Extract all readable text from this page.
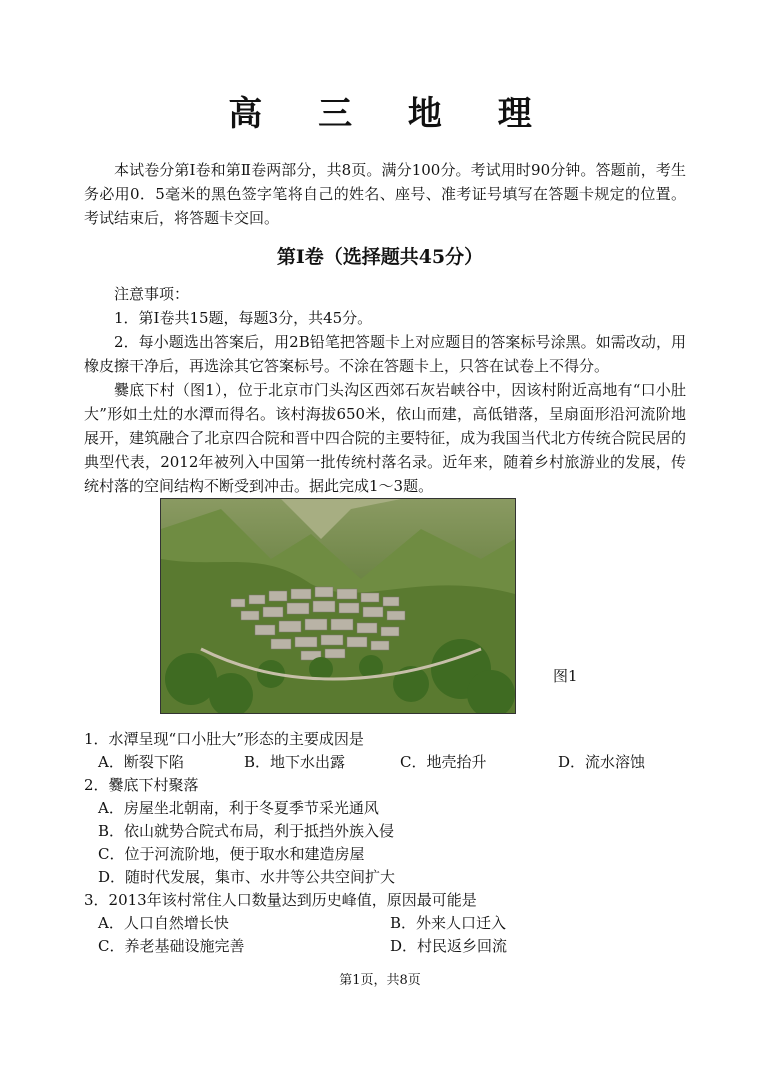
高 三 地 理

本试卷分第Ⅰ卷和第Ⅱ卷两部分，共8页。满分100分。考试用时90分钟。答题前，考生务必用0．5毫米的黑色签字笔将自己的姓名、座号、准考证号填写在答题卡规定的位置。考试结束后，将答题卡交回。

第Ⅰ卷（选择题共45分）

注意事项：

1．第Ⅰ卷共15题，每题3分，共45分。

2．每小题选出答案后，用2B铅笔把答题卡上对应题目的答案标号涂黑。如需改动，用橡皮擦干净后，再选涂其它答案标号。不涂在答题卡上，只答在试卷上不得分。

爨底下村（图1），位于北京市门头沟区西郊石灰岩峡谷中，因该村附近高地有“口小肚大”形如土灶的水潭而得名。该村海拔650米，依山而建，高低错落，呈扇面形沿河流阶地展开，建筑融合了北京四合院和晋中四合院的主要特征，成为我国当代北方传统合院民居的典型代表，2012年被列入中国第一批传统村落名录。近年来，随着乡村旅游业的发展，传统村落的空间结构不断受到冲击。据此完成1～3题。

图1
1．水潭呈现“口小肚大”形态的主要成因是
A．断裂下陷	B．地下水出露	C．地壳抬升	D．流水溶蚀
2．爨底下村聚落
A．房屋坐北朝南，利于冬夏季节采光通风
B．依山就势合院式布局，利于抵挡外族入侵
C．位于河流阶地，便于取水和建造房屋
D．随时代发展，集市、水井等公共空间扩大
3．2013年该村常住人口数量达到历史峰值，原因最可能是
A．人口自然增长快	B．外来人口迁入
C．养老基础设施完善	D．村民返乡回流
第1页，共8页
